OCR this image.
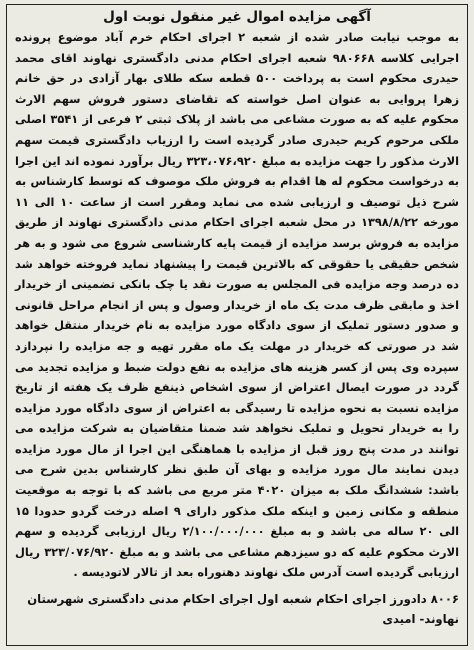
آگهی مزایده اموال غیر منقول نوبت اول

به موجب نیابت صادر شده از شعبه ۲ اجرای احکام خرم آباد موضوع پرونده اجرایی کلاسه ۹۸۰۶۶۸ شعبه اجرای احکام مدنی دادگستری نهاوند اقای محمد حیدری محکوم است به پرداخت ۵۰۰ قطعه سکه طلای بهار آزادی در حق خانم زهرا پروایی به عنوان اصل خواسته که تقاضای دستور فروش سهم الارث محکوم علیه که به صورت مشاعی می باشد از پلاک ثبتی ۲ فرعی از ۳۵۴۱ اصلی ملکی مرحوم کریم حیدری صادر گردیده است را ارزیاب دادگستری قیمت سهم الارث مذکور را جهت مزایده به مبلغ ۳۲۳،۰۷۶،۹۲۰ ریال برآورد نموده اند این اجرا به درخواست محکوم له ها اقدام به فروش ملک موصوف که توسط کارشناس به شرح ذیل توصیف و ارزیابی شده می نماید ومقرر است از ساعت ۱۰ الی ۱۱ مورخه ۱۳۹۸/۸/۲۲ در محل شعبه اجرای احکام مدنی دادگستری نهاوند از طریق مزایده به فروش برسد مزایده از قیمت پایه کارشناسی شروع می شود و به هر شخص حقیقی یا حقوقی که بالاترین قیمت را پیشنهاد نماید فروخته خواهد شد ده درصد وجه مزایده فی المجلس به صورت نقد یا چک بانکی تضمینی از خریدار اخذ و مابقی ظرف مدت یک ماه از خریدار وصول و پس از انجام مراحل قانونی و صدور دستور تملیک از سوی دادگاه مورد مزایده به نام خریدار منتقل خواهد شد در صورتی که خریدار در مهلت یک ماه مقرر تهیه و جه مزایده را نپردازد سپرده وی پس از کسر هزینه های مزایده به نفع دولت ضبط و مزایده تجدید می گردد در صورت ایصال اعتراض از سوی اشخاص ذینفع ظرف یک هفته از تاریخ مزایده نسبت به نحوه مزایده تا رسیدگی به اعتراض از سوی دادگاه مورد مزایده را به خریدار تحویل و تملیک نخواهد شد ضمنا متقاضیان به شرکت مزایده می توانند در مدت پنج روز قبل از مزایده با هماهنگی این اجرا از مال مورد مزایده دیدن نمایند مال مورد مزایده و بهای آن طبق نظر کارشناس بدین شرح می باشد: ششدانگ ملک به میزان ۴۰۲۰ متر مربع می باشد که با توجه به موقعیت منطقه و مکانی زمین و اینکه ملک مذکور دارای ۹ اصله درخت گردو حدودا ۱۵ الی ۲۰ ساله می باشد و به مبلغ ۲/۱۰۰/۰۰۰/۰۰۰ ریال ارزیابی گردیده و سهم الارث محکوم علیه که دو سیزدهم مشاعی می باشد و به مبلغ ۳۲۳/۰۷۶/۹۲۰ ریال ارزیابی گردیده است آدرس ملک نهاوند دهنوراه بعد از تالار لاتودیسه .

۸۰۰۶ دادورز اجرای احکام شعبه اول اجرای احکام مدنی دادگستری شهرستان
نهاوند- امیدی
